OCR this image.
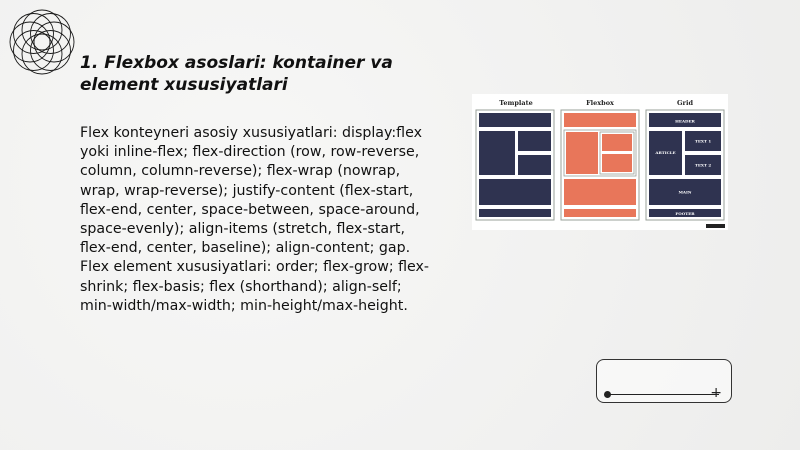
1. Flexbox asoslari: kontainer va element xususiyatlari
Flex konteyneri asosiy xususiyatlari: display:flex yoki inline-flex; flex-direction (row, row-reverse, column, column-reverse); flex-wrap (nowrap, wrap, wrap-reverse); justify-content (flex-start, flex-end, center, space-between, space-around, space-evenly); align-items (stretch, flex-start, flex-end, center, baseline); align-content; gap. Flex element xususiyatlari: order; flex-grow; flex-shrink; flex-basis; flex (shorthand); align-self; min-width/max-width; min-height/max-height.
Template	Flexbox	Grid
HEADER
ARTICLE
TEXT 1
TEXT 2
MAIN
FOOTER
+
